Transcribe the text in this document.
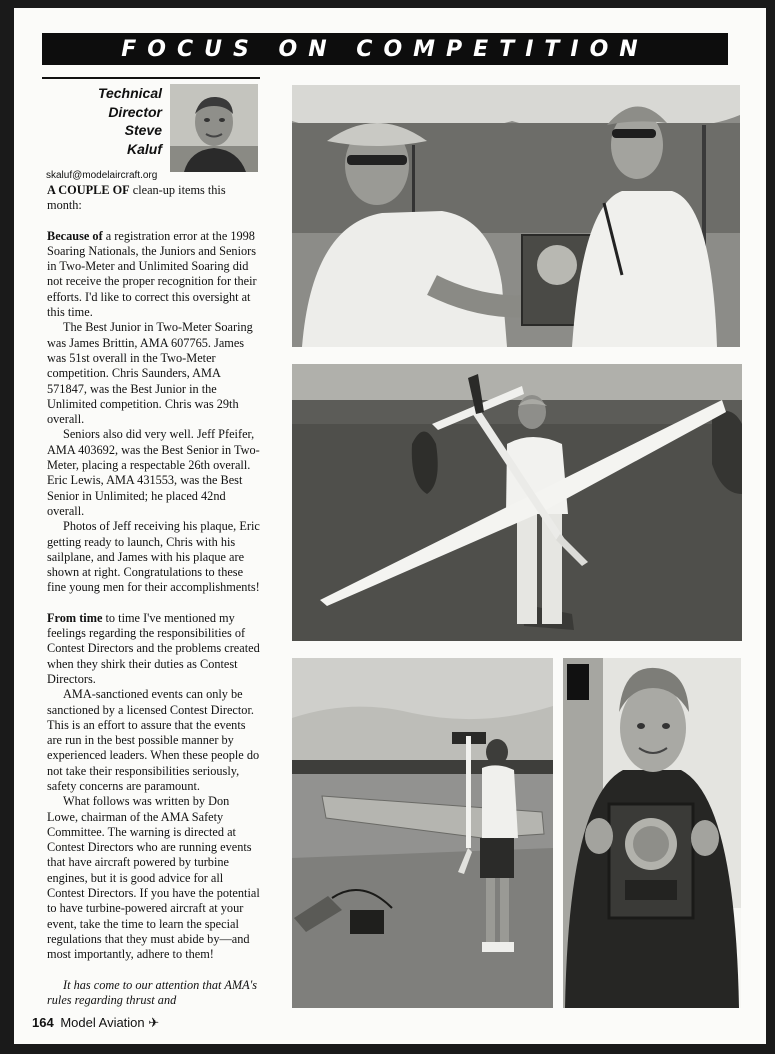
FOCUS ON COMPETITION
Technical
Director
Steve
Kaluf
skaluf@modelaircraft.org

A COUPLE OF clean-up items this month:

Because of a registration error at the 1998 Soaring Nationals, the Juniors and Seniors in Two-Meter and Unlimited Soaring did not receive the proper recognition for their efforts. I'd like to correct this oversight at this time.

The Best Junior in Two-Meter Soaring was James Brittin, AMA 607765. James was 51st overall in the Two-Meter competition. Chris Saunders, AMA 571847, was the Best Junior in the Unlimited competition. Chris was 29th overall.

Seniors also did very well. Jeff Pfeifer, AMA 403692, was the Best Senior in Two-Meter, placing a respectable 26th overall. Eric Lewis, AMA 431553, was the Best Senior in Unlimited; he placed 42nd overall.

Photos of Jeff receiving his plaque, Eric getting ready to launch, Chris with his sailplane, and James with his plaque are shown at right. Congratulations to these fine young men for their accomplishments!

From time to time I've mentioned my feelings regarding the responsibilities of Contest Directors and the problems created when they shirk their duties as Contest Directors.

AMA-sanctioned events can only be sanctioned by a licensed Contest Director. This is an effort to assure that the events are run in the best possible manner by experienced leaders. When these people do not take their responsibilities seriously, safety concerns are paramount.

What follows was written by Don Lowe, chairman of the AMA Safety Committee. The warning is directed at Contest Directors who are running events that have aircraft powered by turbine engines, but it is good advice for all Contest Directors. If you have the potential to have turbine-powered aircraft at your event, take the time to learn the special regulations that they must abide by—and most importantly, adhere to them!

It has come to our attention that AMA's rules regarding thrust and

164 Model Aviation ✈
